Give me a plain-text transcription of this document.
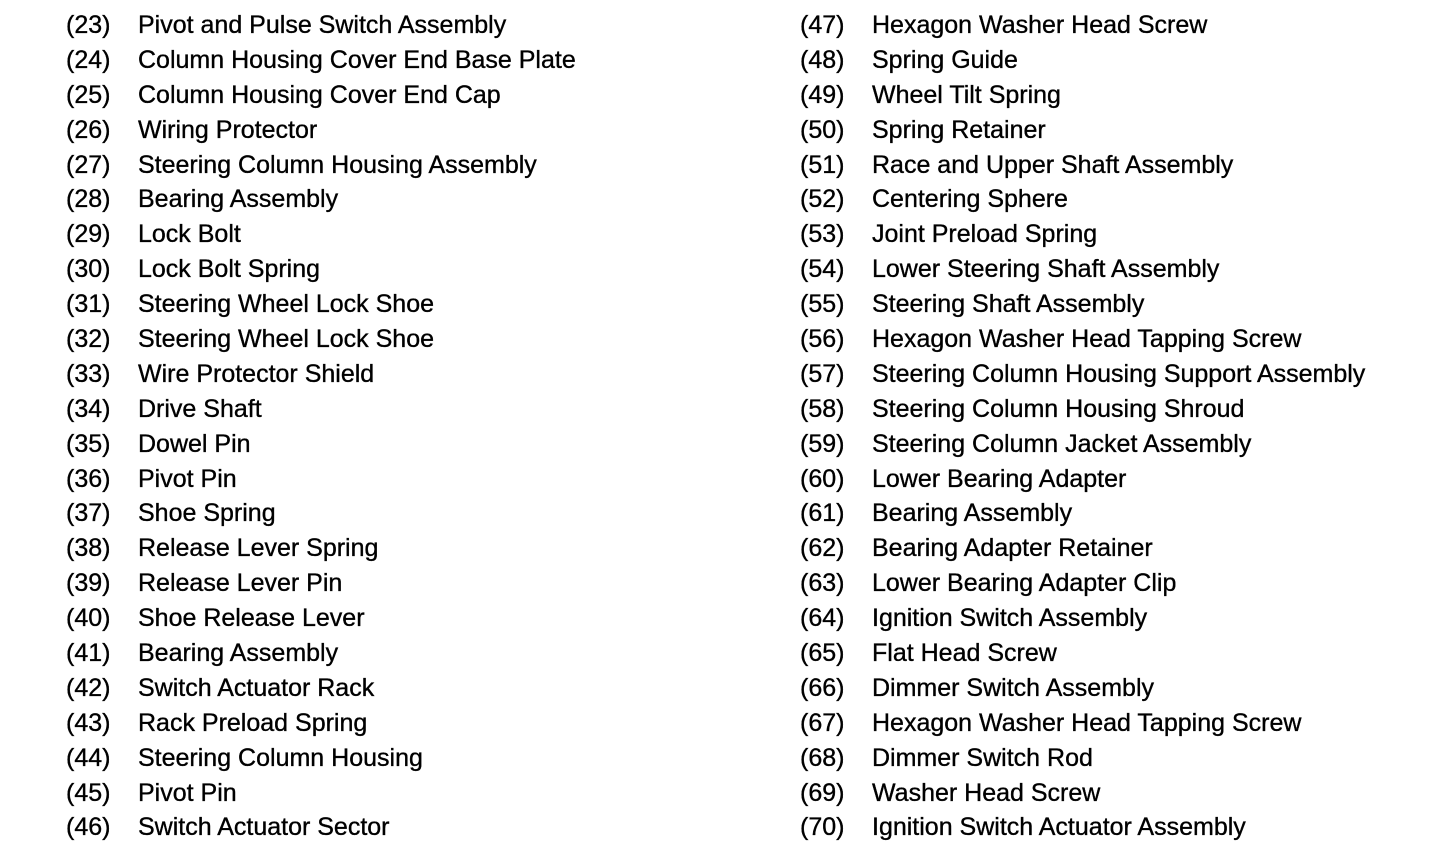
(23)	Pivot and Pulse Switch Assembly
(24)	Column Housing Cover End Base Plate
(25)	Column Housing Cover End Cap
(26)	Wiring Protector
(27)	Steering Column Housing Assembly
(28)	Bearing Assembly
(29)	Lock Bolt
(30)	Lock Bolt Spring
(31)	Steering Wheel Lock Shoe
(32)	Steering Wheel Lock Shoe
(33)	Wire Protector Shield
(34)	Drive Shaft
(35)	Dowel Pin
(36)	Pivot Pin
(37)	Shoe Spring
(38)	Release Lever Spring
(39)	Release Lever Pin
(40)	Shoe Release Lever
(41)	Bearing Assembly
(42)	Switch Actuator Rack
(43)	Rack Preload Spring
(44)	Steering Column Housing
(45)	Pivot Pin
(46)	Switch Actuator Sector
(47)	Hexagon Washer Head Screw
(48)	Spring Guide
(49)	Wheel Tilt Spring
(50)	Spring Retainer
(51)	Race and Upper Shaft Assembly
(52)	Centering Sphere
(53)	Joint Preload Spring
(54)	Lower Steering Shaft Assembly
(55)	Steering Shaft Assembly
(56)	Hexagon Washer Head Tapping Screw
(57)	Steering Column Housing Support Assembly
(58)	Steering Column Housing Shroud
(59)	Steering Column Jacket Assembly
(60)	Lower Bearing Adapter
(61)	Bearing Assembly
(62)	Bearing Adapter Retainer
(63)	Lower Bearing Adapter Clip
(64)	Ignition Switch Assembly
(65)	Flat Head Screw
(66)	Dimmer Switch Assembly
(67)	Hexagon Washer Head Tapping Screw
(68)	Dimmer Switch Rod
(69)	Washer Head Screw
(70)	Ignition Switch Actuator Assembly
